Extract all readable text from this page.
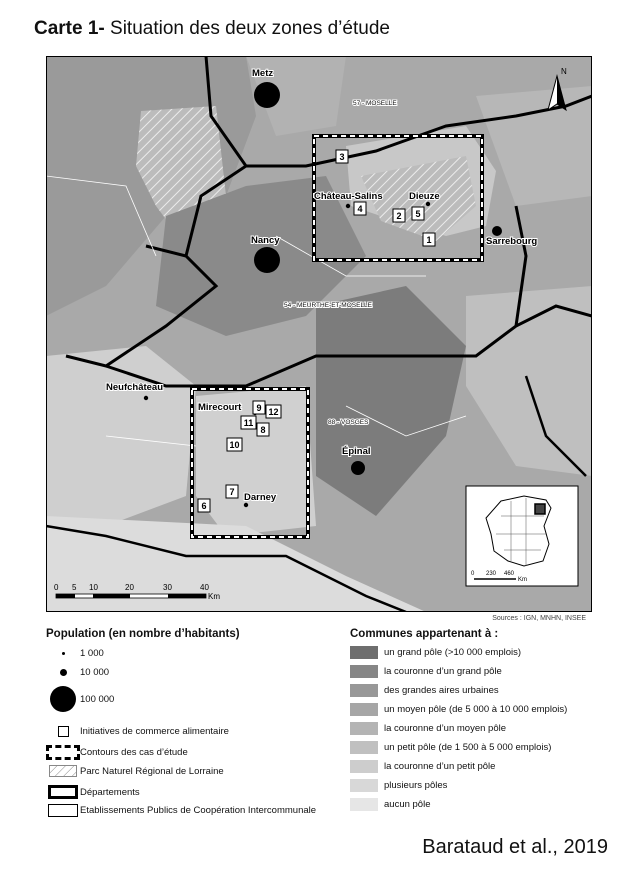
Carte 1- Situation des deux zones d’étude
Metz
Nancy
Épinal
Sarrebourg
Neufchâteau
Château-Salins	Dieuze
Mirecourt
Darney
57 - MOSELLE
54 - MEURTHE-ET-MOSELLE
88 - VOSGES
1
2
3
4	5
6
7
8
9
10
11
12
N
0 5 10	20	30	40
Km
0 230 460
Km
Sources : IGN, MNHN, INSEE
Population (en nombre d’habitants)
1 000
10 000
100 000
Initiatives de commerce alimentaire
Contours des cas d’étude
Parc Naturel Régional de Lorraine
Départements
Etablissements Publics de Coopération Intercommunale
Communes appartenant à :
un grand pôle (>10 000 emplois)
la couronne d’un grand pôle
des grandes aires urbaines
un moyen pôle (de 5 000 à 10 000 emplois)
la couronne d’un moyen pôle
un petit pôle (de 1 500 à 5 000 emplois)
la couronne d’un petit pôle
plusieurs pôles
aucun pôle
Barataud et al., 2019
